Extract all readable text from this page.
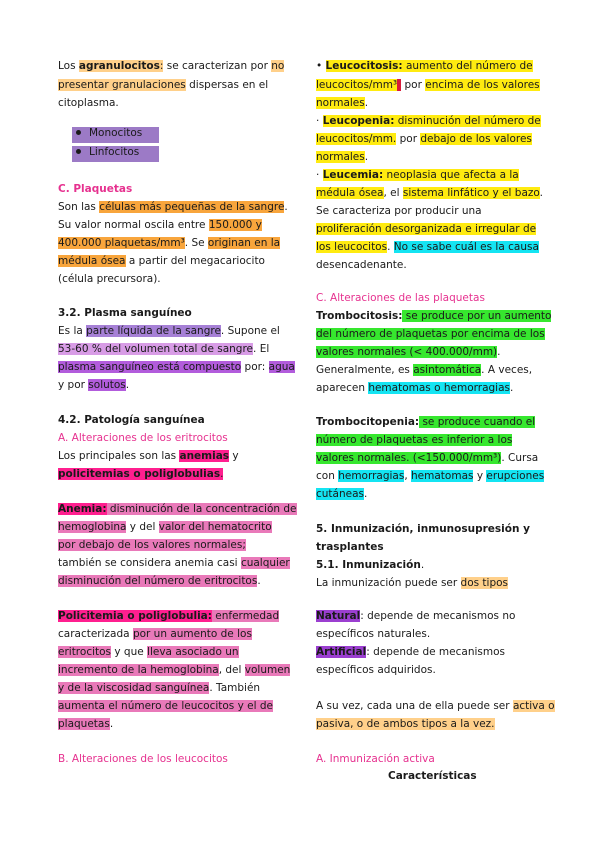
Los agranulocitos: se caracterizan por no
presentar granulaciones dispersas en el
citoplasma.
Monocitos
Linfocitos
C. Plaquetas
Son las células más pequeñas de la sangre.
Su valor normal oscila entre 150.000 y
400.000 plaquetas/mm³. Se originan en la
médula ósea a partir del megacariocito
(célula precursora).
3.2. Plasma sanguíneo
Es la parte líquida de la sangre. Supone el
53-60 % del volumen total de sangre. El
plasma sanguíneo está compuesto por: agua
y por solutos.
4.2. Patología sanguínea
A. Alteraciones de los eritrocitos
Los principales son las anemias y
policitemias o poliglobulias.
Anemia: disminución de la concentración de
hemoglobina y del valor del hematocrito
por debajo de los valores normales;
también se considera anemia casi cualquier
disminución del número de eritrocitos.
Policitemia o poliglobulia: enfermedad
caracterizada por un aumento de los
eritrocitos y que lleva asociado un
incremento de la hemoglobina, del volumen
y de la viscosidad sanguínea. También
aumenta el número de leucocitos y el de
plaquetas.
B. Alteraciones de los leucocitos
• Leucocitosis: aumento del número de
leucocitos/mm³ por encima de los valores
normales.
· Leucopenia: disminución del número de
leucocitos/mm. por debajo de los valores
normales.
· Leucemia: neoplasia que afecta a la
médula ósea, el sistema linfático y el bazo.
Se caracteriza por producir una
proliferación desorganizada e irregular de
los leucocitos. No se sabe cuál es la causa
desencadenante.
C. Alteraciones de las plaquetas
Trombocitosis: se produce por un aumento
del número de plaquetas por encima de los
valores normales (< 400.000/mm).
Generalmente, es asintomática. A veces,
aparecen hematomas o hemorragias.
Trombocitopenia: se produce cuando el
número de plaquetas es inferior a los
valores normales. (<150.000/mm³). Cursa
con hemorragias, hematomas y erupciones
cutáneas.
5. Inmunización, inmunosupresión y
trasplantes
5.1. Inmunización.
La inmunización puede ser dos tipos
Natural: depende de mecanismos no
específicos naturales.
Artificial: depende de mecanismos
específicos adquiridos.
A su vez, cada una de ella puede ser activa o
pasiva, o de ambos tipos a la vez.
A. Inmunización activa
Características
